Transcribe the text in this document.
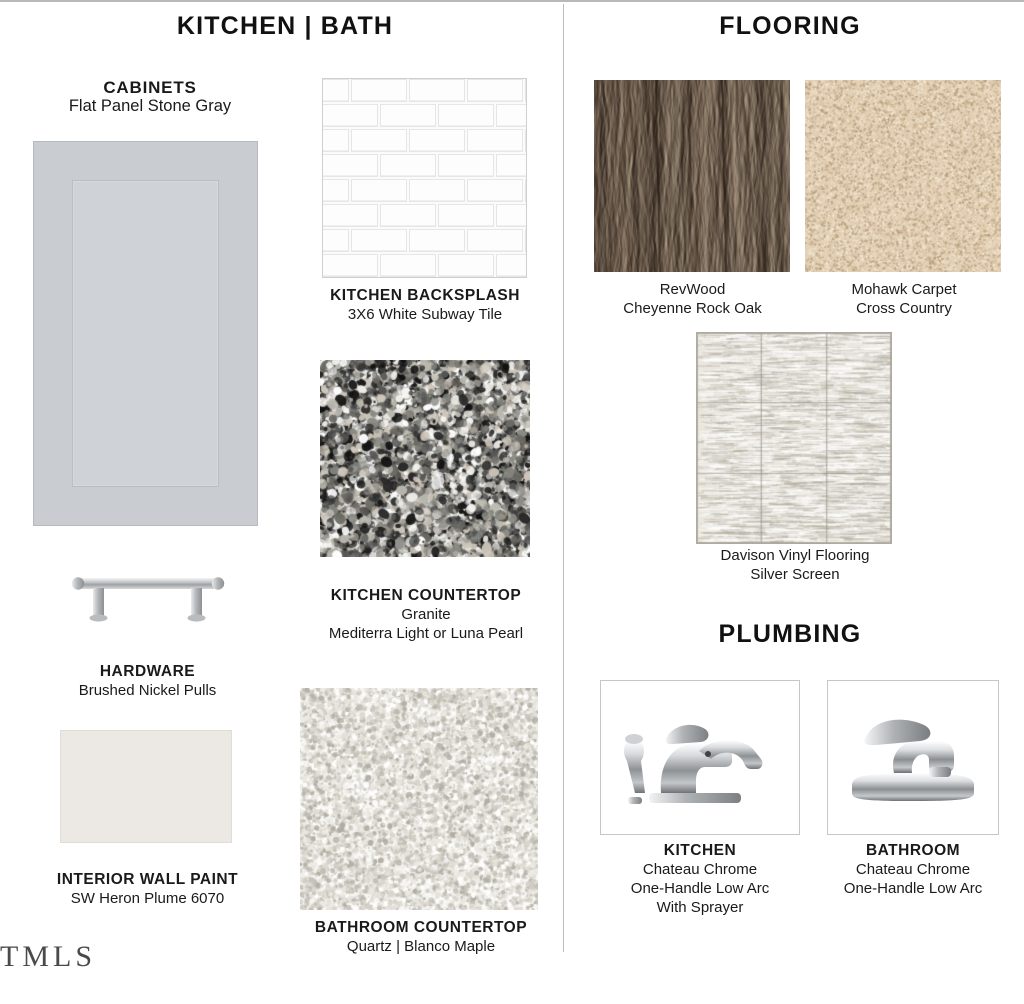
KITCHEN | BATH	FLOORING
PLUMBING
CABINETS
Flat Panel Stone Gray
HARDWARE
Brushed Nickel Pulls
INTERIOR WALL PAINT
SW Heron Plume 6070
KITCHEN BACKSPLASH
3X6 White Subway Tile
KITCHEN COUNTERTOP
Granite
Mediterra Light or Luna Pearl
BATHROOM COUNTERTOP
Quartz | Blanco Maple
RevWood
Cheyenne Rock Oak
Mohawk Carpet
Cross Country
Davison Vinyl Flooring
Silver Screen
KITCHEN
Chateau Chrome
One-Handle Low Arc
With Sprayer
BATHROOM
Chateau Chrome
One-Handle Low Arc
TMLS
